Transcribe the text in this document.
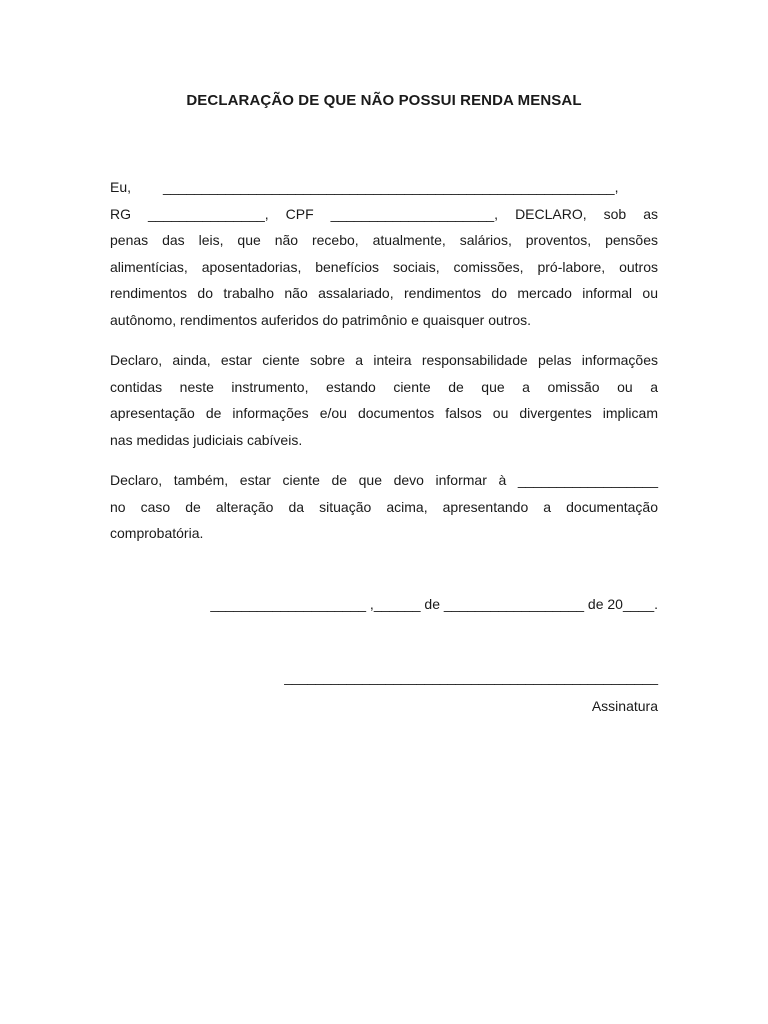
DECLARAÇÃO DE QUE NÃO POSSUI RENDA MENSAL
Eu, __________________________________________________________,
RG _______________, CPF _____________________, DECLARO, sob as
penas das leis, que não recebo, atualmente, salários, proventos, pensões
alimentícias, aposentadorias, benefícios sociais, comissões, pró-labore, outros
rendimentos do trabalho não assalariado, rendimentos do mercado informal ou
autônomo, rendimentos auferidos do patrimônio e quaisquer outros.
Declaro, ainda, estar ciente sobre a inteira responsabilidade pelas informações
contidas neste instrumento, estando ciente de que a omissão ou a
apresentação de informações e/ou documentos falsos ou divergentes implicam
nas medidas judiciais cabíveis.
Declaro, também, estar ciente de que devo informar à __________________
no caso de alteração da situação acima, apresentando a documentação
comprobatória.
____________________ ,______ de __________________ de 20____.
________________________________________________
Assinatura
